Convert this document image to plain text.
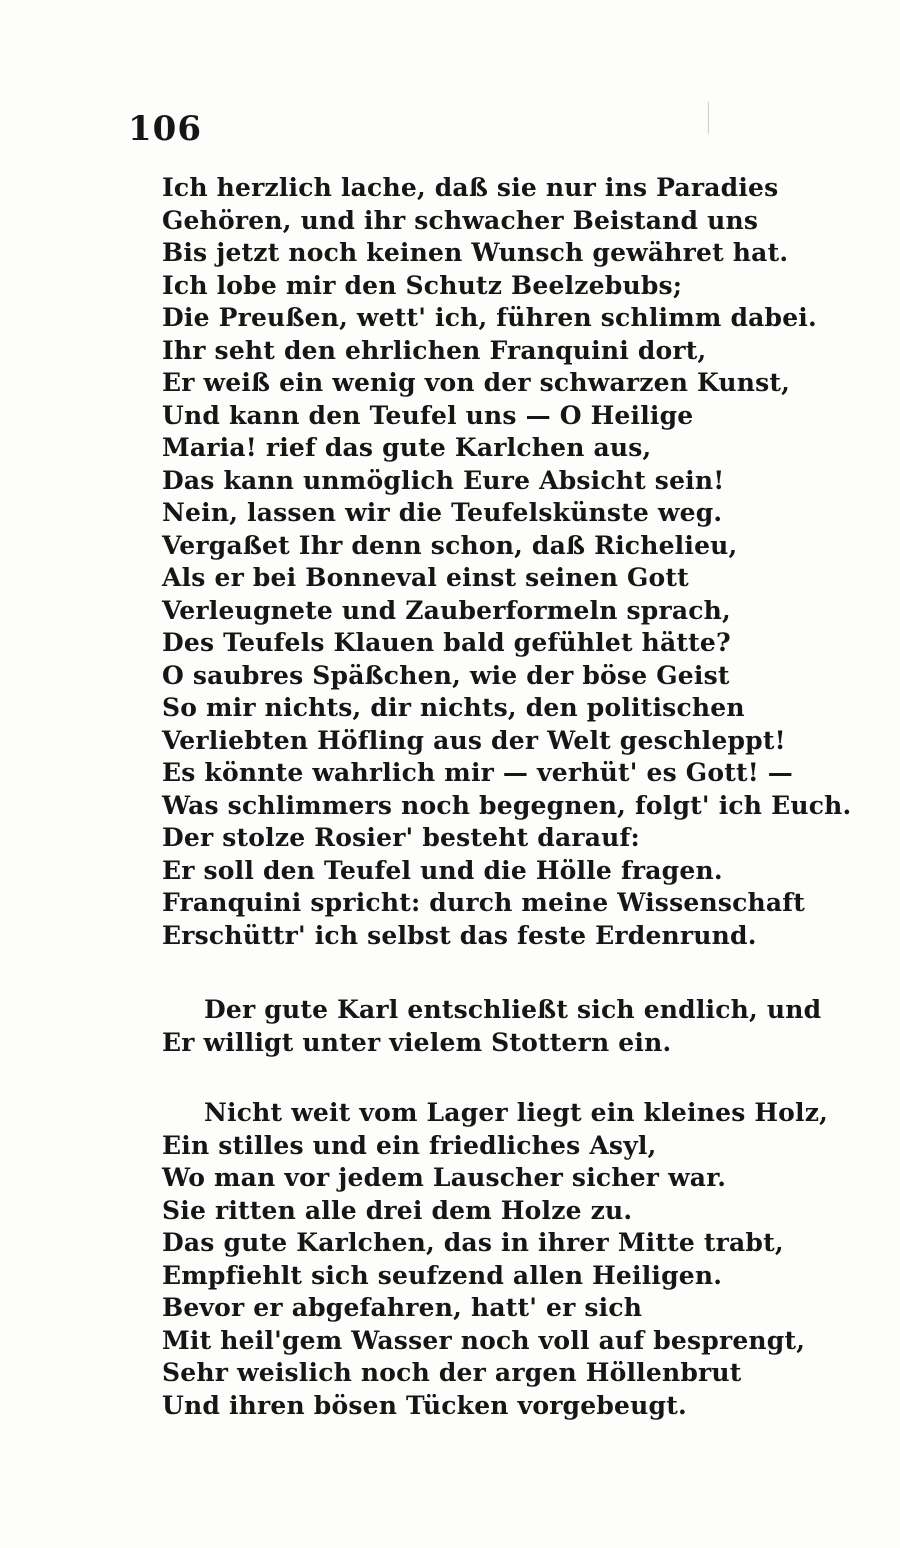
106
Ich herzlich lache, daß sie nur ins Paradies
Gehören, und ihr schwacher Beistand uns
Bis jetzt noch keinen Wunsch gewähret hat.
Ich lobe mir den Schutz Beelzebubs;
Die Preußen, wett' ich, führen schlimm dabei.
Ihr seht den ehrlichen Franquini dort,
Er weiß ein wenig von der schwarzen Kunst,
Und kann den Teufel uns — O Heilige
Maria! rief das gute Karlchen aus,
Das kann unmöglich Eure Absicht sein!
Nein, lassen wir die Teufelskünste weg.
Vergaßet Ihr denn schon, daß Richelieu,
Als er bei Bonneval einst seinen Gott
Verleugnete und Zauberformeln sprach,
Des Teufels Klauen bald gefühlet hätte?
O saubres Späßchen, wie der böse Geist
So mir nichts, dir nichts, den politischen
Verliebten Höfling aus der Welt geschleppt!
Es könnte wahrlich mir — verhüt' es Gott! —
Was schlimmers noch begegnen, folgt' ich Euch.
Der stolze Rosier' besteht darauf:
Er soll den Teufel und die Hölle fragen.
Franquini spricht: durch meine Wissenschaft
Erschüttr' ich selbst das feste Erdenrund.
Der gute Karl entschließt sich endlich, und
Er willigt unter vielem Stottern ein.
Nicht weit vom Lager liegt ein kleines Holz,
Ein stilles und ein friedliches Asyl,
Wo man vor jedem Lauscher sicher war.
Sie ritten alle drei dem Holze zu.
Das gute Karlchen, das in ihrer Mitte trabt,
Empfiehlt sich seufzend allen Heiligen.
Bevor er abgefahren, hatt' er sich
Mit heil'gem Wasser noch voll auf besprengt,
Sehr weislich noch der argen Höllenbrut
Und ihren bösen Tücken vorgebeugt.
